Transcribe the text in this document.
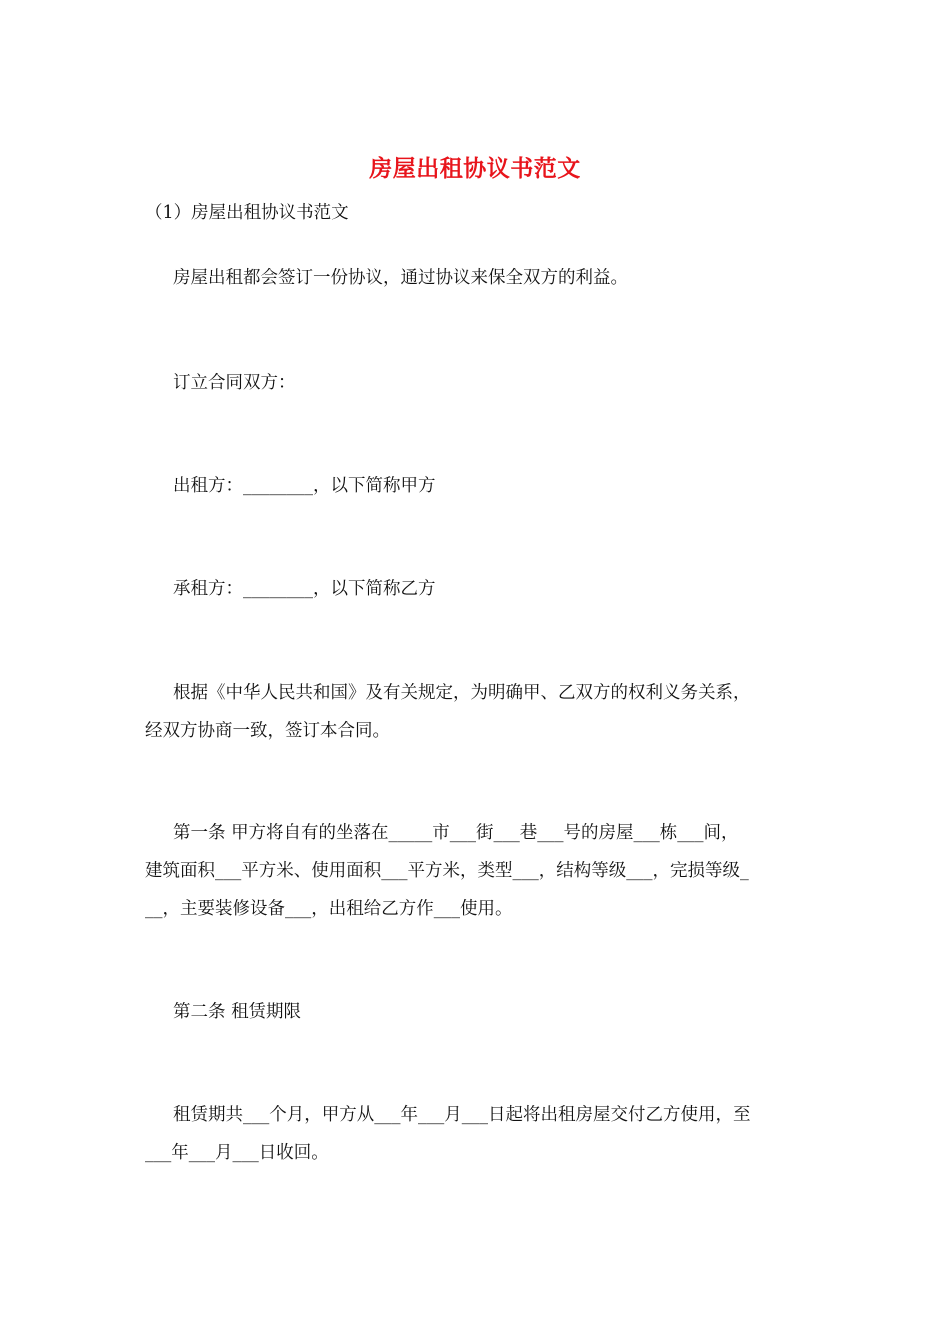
房屋出租协议书范文
（1）房屋出租协议书范文
房屋出租都会签订一份协议，通过协议来保全双方的利益。
订立合同双方：
出租方：________，以下简称甲方
承租方：________，以下简称乙方
根据《中华人民共和国》及有关规定，为明确甲、乙双方的权利义务关系，
经双方协商一致，签订本合同。
第一条 甲方将自有的坐落在_____市___街___巷___号的房屋___栋___间，
建筑面积___平方米、使用面积___平方米，类型___，结构等级___，完损等级_
__，主要装修设备___，出租给乙方作___使用。
第二条 租赁期限
租赁期共___个月，甲方从___年___月___日起将出租房屋交付乙方使用，至
___年___月___日收回。
